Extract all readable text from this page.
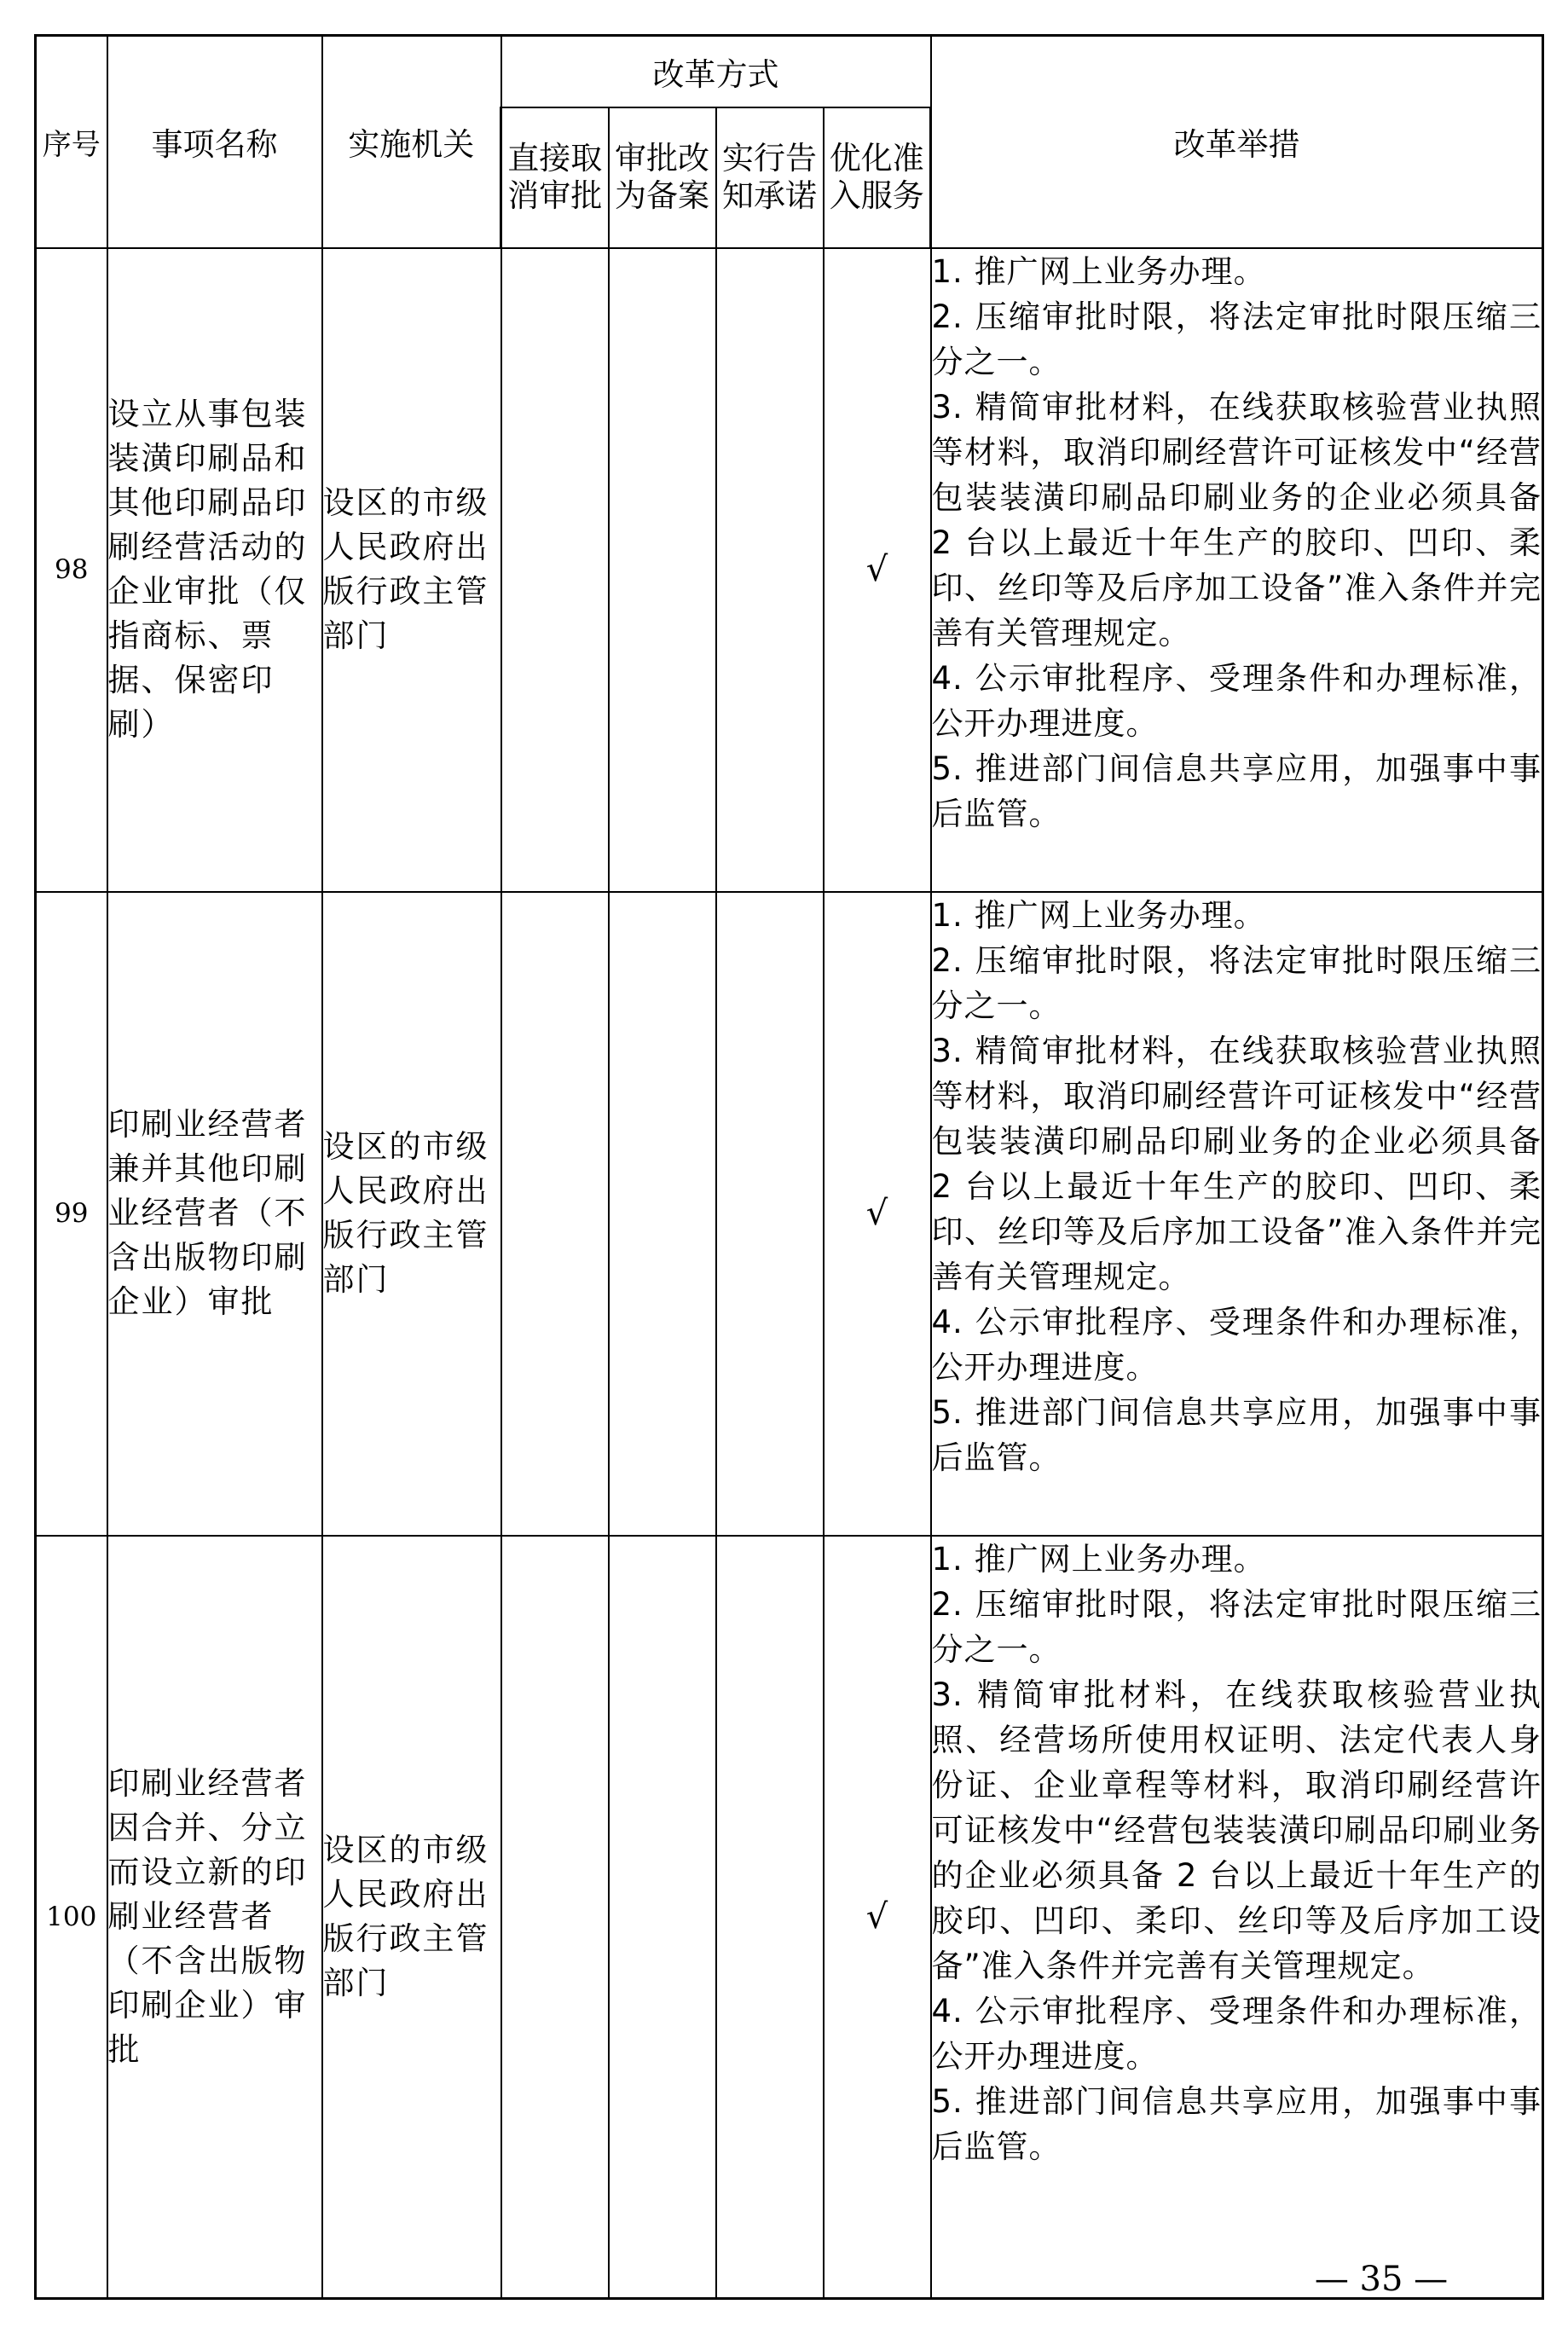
序号	事项名称	实施机关	改革方式				改革举措
			直接取消审批	审批改为备案	实行告知承诺	优化准入服务	
98	设立从事包装装潢印刷品和其他印刷品印刷经营活动的企业审批（仅指商标、票据、保密印刷）	设区的市级人民政府出版行政主管部门				√	1. 推广网上业务办理。
2. 压缩审批时限，将法定审批时限压缩三分之一。
3. 精简审批材料，在线获取核验营业执照等材料，取消印刷经营许可证核发中“经营包装装潢印刷品印刷业务的企业必须具备 2 台以上最近十年生产的胶印、凹印、柔印、丝印等及后序加工设备”准入条件并完善有关管理规定。
4. 公示审批程序、受理条件和办理标准，公开办理进度。
5. 推进部门间信息共享应用，加强事中事后监管。

99	印刷业经营者兼并其他印刷业经营者（不含出版物印刷企业）审批	设区的市级人民政府出版行政主管部门				√	1. 推广网上业务办理。
2. 压缩审批时限，将法定审批时限压缩三分之一。
3. 精简审批材料，在线获取核验营业执照等材料，取消印刷经营许可证核发中“经营包装装潢印刷品印刷业务的企业必须具备 2 台以上最近十年生产的胶印、凹印、柔印、丝印等及后序加工设备”准入条件并完善有关管理规定。
4. 公示审批程序、受理条件和办理标准，公开办理进度。
5. 推进部门间信息共享应用，加强事中事后监管。

100	印刷业经营者因合并、分立而设立新的印刷业经营者（不含出版物印刷企业）审批	设区的市级人民政府出版行政主管部门				√	1. 推广网上业务办理。
2. 压缩审批时限，将法定审批时限压缩三分之一。
3. 精简审批材料，在线获取核验营业执照、经营场所使用权证明、法定代表人身份证、企业章程等材料，取消印刷经营许可证核发中“经营包装装潢印刷品印刷业务的企业必须具备 2 台以上最近十年生产的胶印、凹印、柔印、丝印等及后序加工设备”准入条件并完善有关管理规定。
4. 公示审批程序、受理条件和办理标准，公开办理进度。
5. 推进部门间信息共享应用，加强事中事后监管。
— 35 —
